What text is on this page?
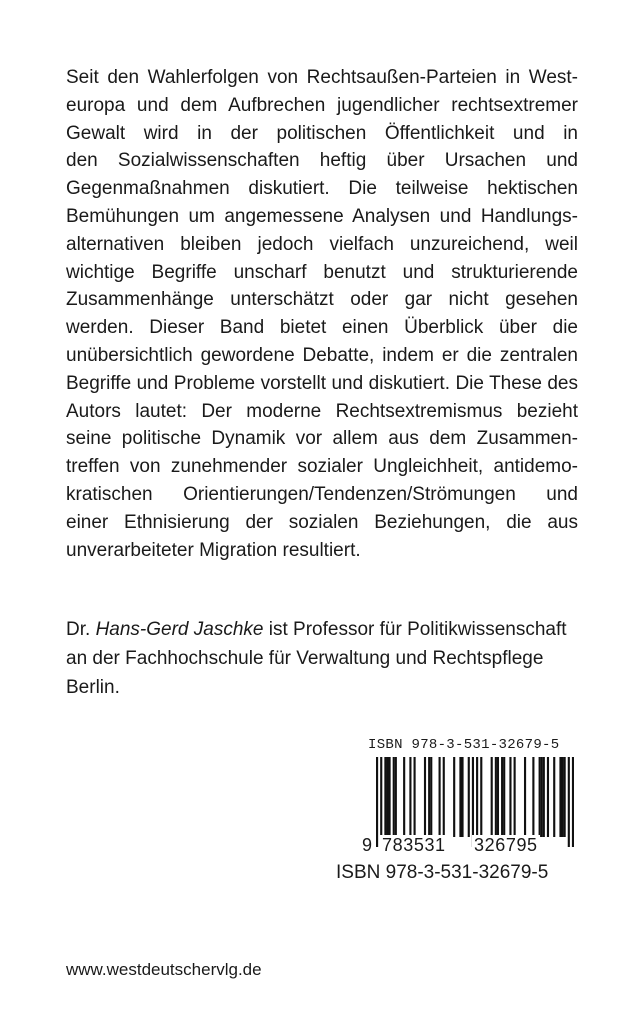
Seit den Wahlerfolgen von Rechtsaußen-Parteien in West-
europa und dem Aufbrechen jugendlicher rechtsextremer
Gewalt wird in der politischen Öffentlichkeit und in
den Sozialwissenschaften heftig über Ursachen und
Gegenmaßnahmen diskutiert. Die teilweise hektischen
Bemühungen um angemessene Analysen und Handlungs-
alternativen bleiben jedoch vielfach unzureichend, weil
wichtige Begriffe unscharf benutzt und strukturierende
Zusammenhänge unterschätzt oder gar nicht gesehen
werden. Dieser Band bietet einen Überblick über die
unübersichtlich gewordene Debatte, indem er die zentralen
Begriffe und Probleme vorstellt und diskutiert. Die These des
Autors lautet: Der moderne Rechtsextremismus bezieht
seine politische Dynamik vor allem aus dem Zusammen-
treffen von zunehmender sozialer Ungleichheit, antidemo-
kratischen Orientierungen/Tendenzen/Strömungen und
einer Ethnisierung der sozialen Beziehungen, die aus
unverarbeiteter Migration resultiert.
Dr. Hans-Gerd Jaschke ist Professor für Politikwissenschaft
an der Fachhochschule für Verwaltung und Rechtspflege
Berlin.
ISBN 978-3-531-32679-5
9 783531 326795
ISBN 978-3-531-32679-5
www.westdeutschervlg.de
